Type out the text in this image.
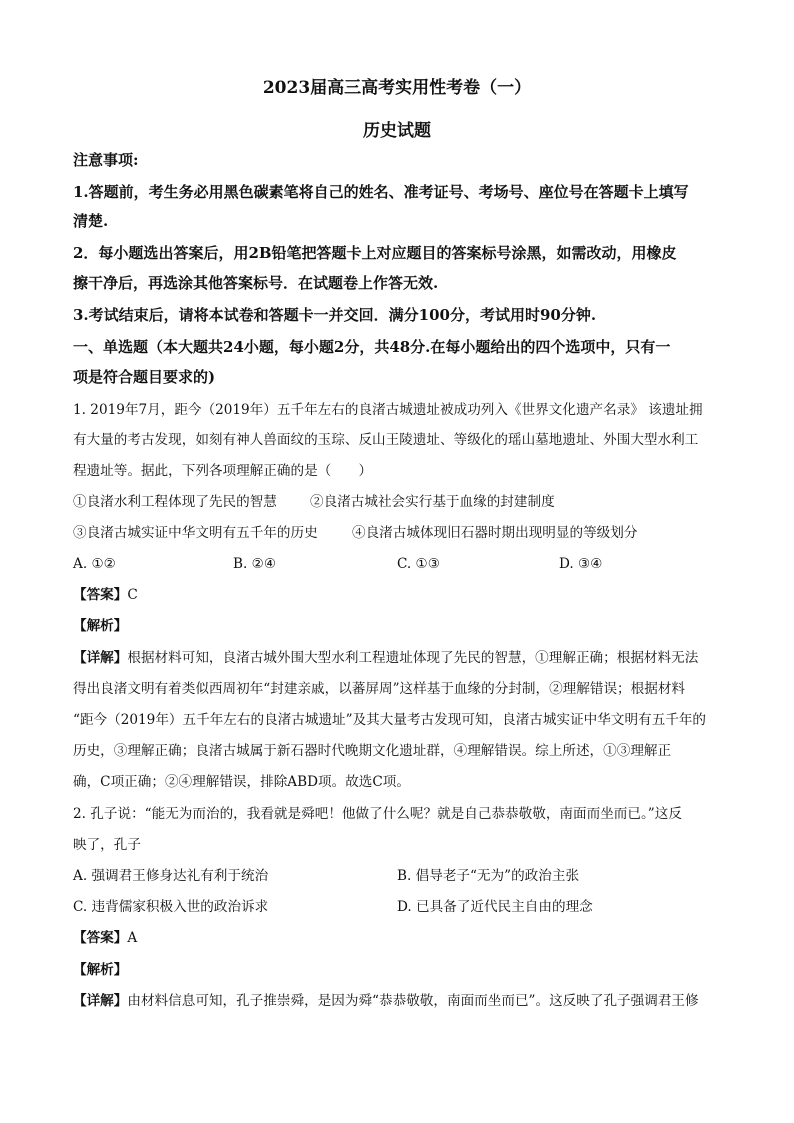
2023届高三高考实用性考卷（一）
历史试题
注意事项:
1.答题前，考生务必用黑色碳素笔将自己的姓名、准考证号、考场号、座位号在答题卡上填写
清楚.
2．每小题选出答案后，用2B铅笔把答题卡上对应题目的答案标号涂黑，如需改动，用橡皮
擦干净后，再选涂其他答案标号．在试题卷上作答无效.
3.考试结束后，请将本试卷和答题卡一并交回．满分100分，考试用时90分钟.
一、单选题（本大题共24小题，每小题2分，共48分.在每小题给出的四个选项中，只有一
项是符合题目要求的)
1. 2019年7月，距今（2019年）五千年左右的良渚古城遗址被成功列入《世界文化遗产名录》 该遗址拥
有大量的考古发现，如刻有神人兽面纹的玉琮、反山王陵遗址、等级化的瑶山墓地遗址、外围大型水利工
程遗址等。据此，下列各项理解正确的是（　　）
①良渚水利工程体现了先民的智慧 ②良渚古城社会实行基于血缘的封建制度
③良渚古城实证中华文明有五千年的历史	④良渚古城体现旧石器时期出现明显的等级划分
A. ①②	B. ②④	C. ①③	D. ③④
【答案】C
【解析】
【详解】根据材料可知，良渚古城外围大型水利工程遗址体现了先民的智慧，①理解正确；根据材料无法
得出良渚文明有着类似西周初年“封建亲戚，以蕃屏周”这样基于血缘的分封制，②理解错误；根据材料
“距今（2019年）五千年左右的良渚古城遗址”及其大量考古发现可知，良渚古城实证中华文明有五千年的
历史，③理解正确；良渚古城属于新石器时代晚期文化遗址群，④理解错误。综上所述，①③理解正
确，C项正确；②④理解错误，排除ABD项。故选C项。
2. 孔子说：“能无为而治的，我看就是舜吧！他做了什么呢？就是自己恭恭敬敬，南面而坐而已。”这反
映了，孔子
A. 强调君王修身达礼有利于统治	B. 倡导老子“无为”的政治主张
C. 违背儒家积极入世的政治诉求	D. 已具备了近代民主自由的理念
【答案】A
【解析】
【详解】由材料信息可知，孔子推崇舜，是因为舜“恭恭敬敬，南面而坐而已”。这反映了孔子强调君王修
